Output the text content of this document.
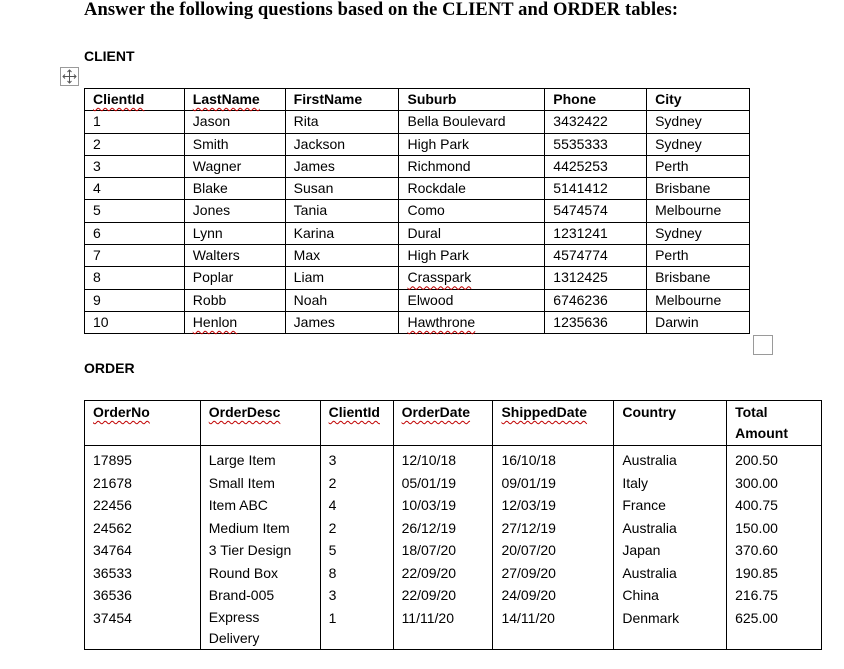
Answer the following questions based on the CLIENT and ORDER tables:
CLIENT
ClientId	LastName	FirstName	Suburb	Phone	City
1	Jason	Rita	Bella Boulevard	3432422	Sydney
2	Smith	Jackson	High Park	5535333	Sydney
3	Wagner	James	Richmond	4425253	Perth
4	Blake	Susan	Rockdale	5141412	Brisbane
5	Jones	Tania	Como	5474574	Melbourne
6	Lynn	Karina	Dural	1231241	Sydney
7	Walters	Max	High Park	4574774	Perth
8	Poplar	Liam	Crasspark	1312425	Brisbane
9	Robb	Noah	Elwood	6746236	Melbourne
10	Henlon	James	Hawthrone	1235636	Darwin
ORDER
OrderNo	OrderDesc	ClientId	OrderDate	ShippedDate	Country	Total Amount

17895	Large Item	3	12/10/18	16/10/18	Australia	200.50
21678	Small Item	2	05/01/19	09/01/19	Italy	300.00
22456	Item ABC	4	10/03/19	12/03/19	France	400.75
24562	Medium Item	2	26/12/19	27/12/19	Australia	150.00
34764	3 Tier Design	5	18/07/20	20/07/20	Japan	370.60
36533	Round Box	8	22/09/20	27/09/20	Australia	190.85
36536	Brand-005	3	22/09/20	24/09/20	China	216.75
37454	Express Delivery	1	11/11/20	14/11/20	Denmark	625.00
